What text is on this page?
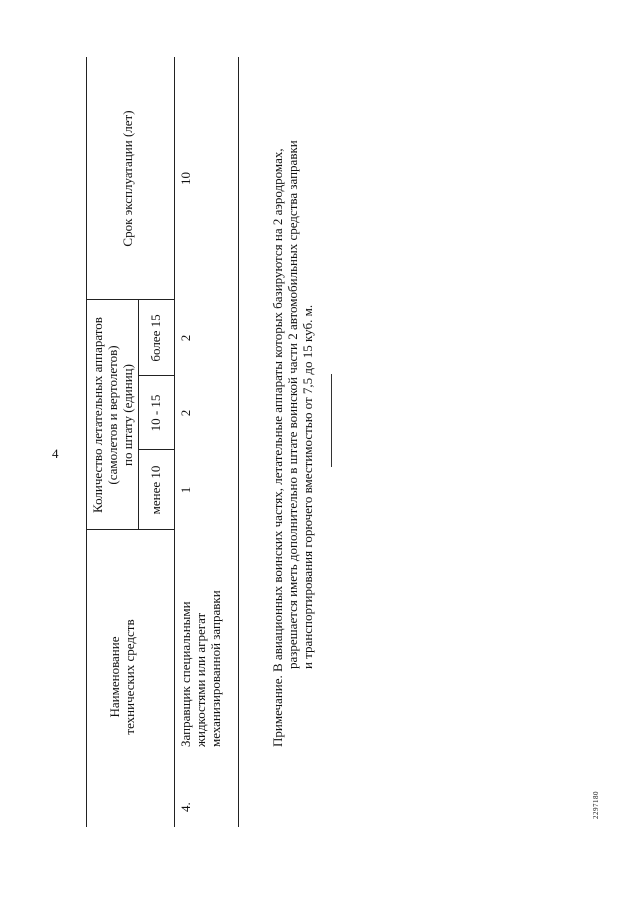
4
2297180
Наименование технических средств
Количество летательных аппаратов (самолетов и вертолетов) по штату (единиц)
менее 10
10 - 15
более 15
Срок эксплуатации (лет)
4.
Заправщик специальными жидкостями или агрегат механизированной заправки
1
2
2
10	Примечание. В авиационных воинских частях, летательные аппараты которых базируются на 2 аэродромах, разрешается иметь дополнительно в штате воинской части 2 автомобильных средства заправки и транспортирования горючего вместимостью от 7,5 до 15 куб. м.
